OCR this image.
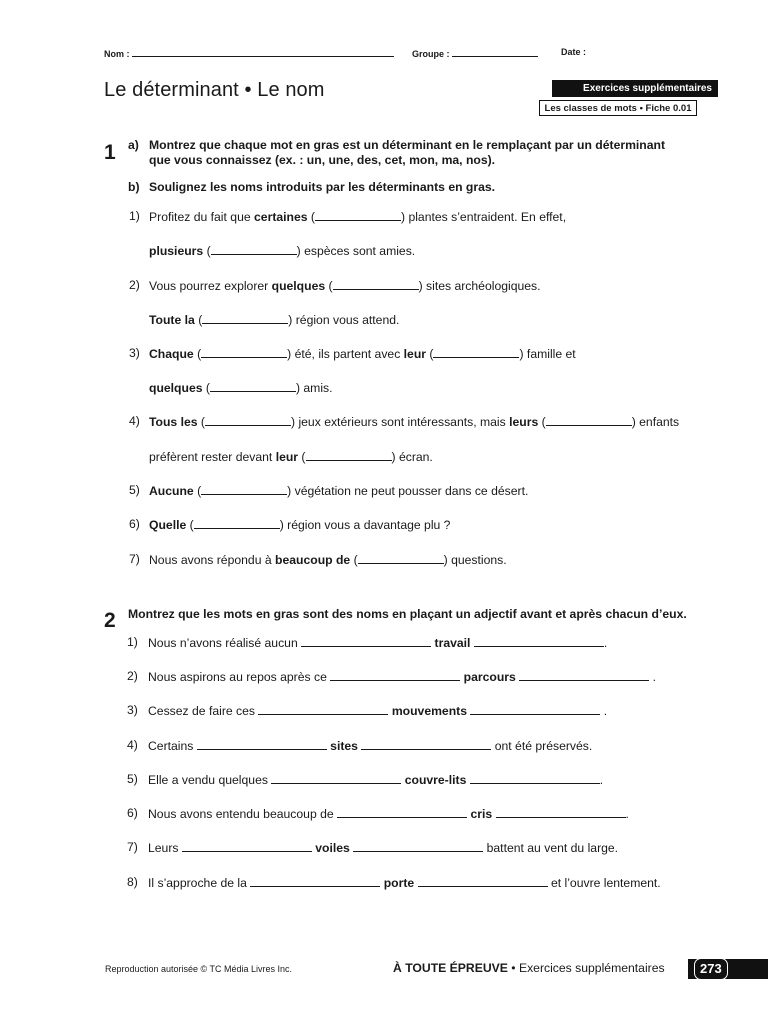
Nom :	Groupe :	Date :
Le déterminant • Le nom	Exercices supplémentaires
Les classes de mots • Fiche 0.01
1 a) Montrez que chaque mot en gras est un déterminant en le remplaçant par un déterminant
que vous connaissez (ex. : un, une, des, cet, mon, ma, nos).
b) Soulignez les noms introduits par les déterminants en gras.
1) Profitez du fait que certaines (	) plantes s’entraident. En effet,
plusieurs (	) espèces sont amies.
2) Vous pourrez explorer quelques (	) sites archéologiques.
Toute la (	) région vous attend.
3) Chaque (	) été, ils partent avec leur (	) famille et
quelques (	) amis.
4) Tous les (	) jeux extérieurs sont intéressants, mais leurs (	) enfants
préfèrent rester devant leur (	) écran.
5) Aucune (	) végétation ne peut pousser dans ce désert.
6) Quelle (	) région vous a davantage plu ?
7) Nous avons répondu à beaucoup de (	) questions.
2 Montrez que les mots en gras sont des noms en plaçant un adjectif avant et après chacun d’eux.
1) Nous n’avons réalisé aucun	travail	.
2) Nous aspirons au repos après ce	parcours	.
3) Cessez de faire ces	mouvements	.
4) Certains	sites	ont été préservés.
5) Elle a vendu quelques	couvre-lits	.
6) Nous avons entendu beaucoup de	cris	.
7) Leurs	voiles	battent au vent du large.
8) Il s’approche de la	porte	et l’ouvre lentement.
Reproduction autorisée © TC Média Livres Inc.	À TOUTE ÉPREUVE • Exercices supplémentaires	273
